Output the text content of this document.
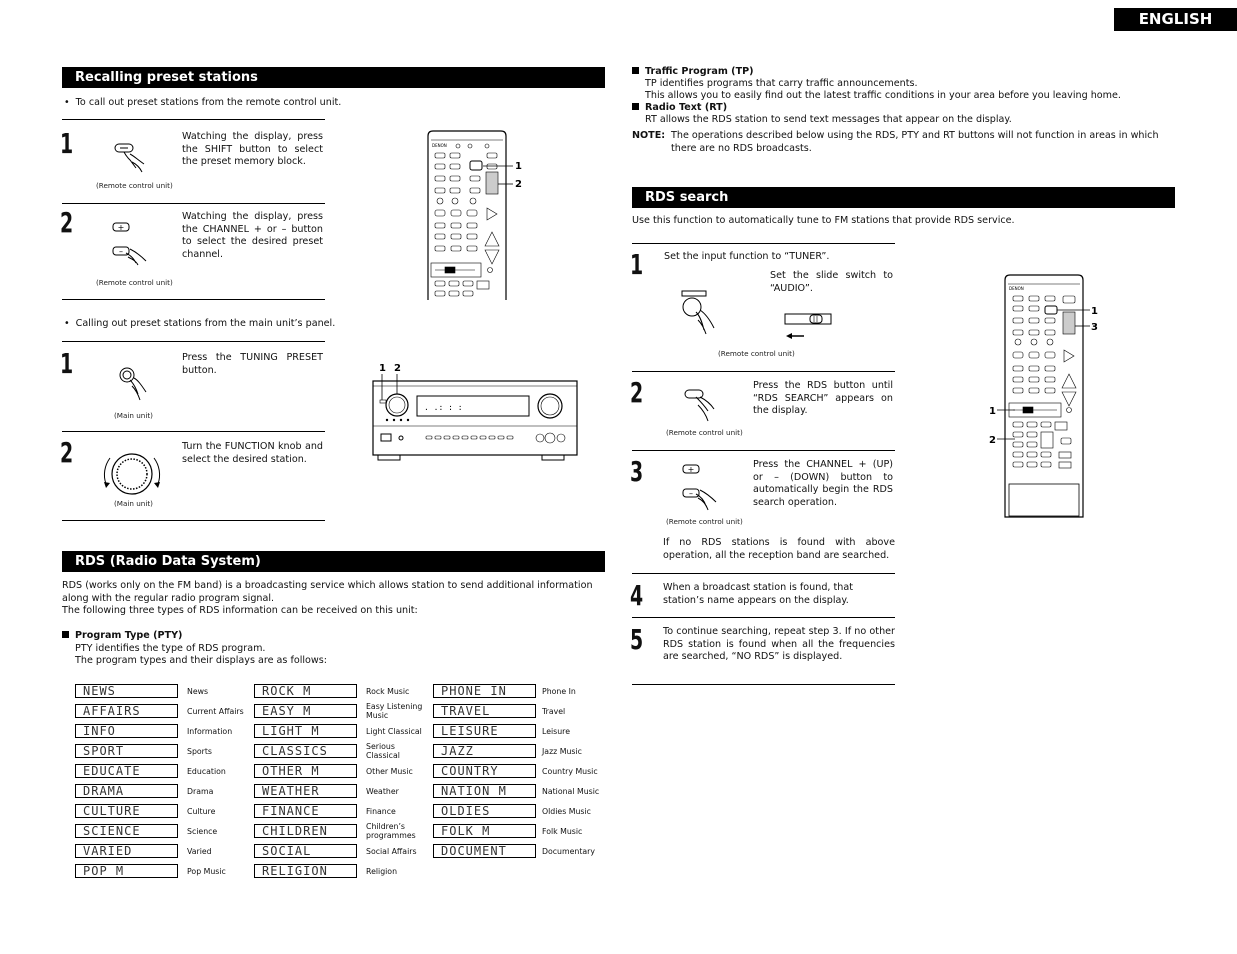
ENGLISH
Recalling preset stations
• To call out preset stations from the remote control unit.
1
(Remote control unit)
Watching the display, press the SHIFT button to select the preset memory block.
2	+
–
(Remote control unit)
Watching the display, press the CHANNEL + or – button to select the desired preset channel.
DENON
1
2
• Calling out preset stations from the main unit’s panel.
1
(Main unit)
Press the TUNING PRESET button.
2
(Main unit)
Turn the FUNCTION knob and select the desired station.
1 2
. .: : :
RDS (Radio Data System)
RDS (works only on the FM band) is a broadcasting service which allows station to send additional information along with the regular radio program signal.
The following three types of RDS information can be received on this unit:
Program Type (PTY)
PTY identifies the type of RDS program.
The program types and their displays are as follows:
NEWS	News
AFFAIRS	Current Affairs
INFO	Information
SPORT	Sports
EDUCATE	Education
DRAMA	Drama
CULTURE	Culture
SCIENCE	Science
VARIED	Varied
POP M	Pop Music
ROCK M	Rock Music
EASY M	Easy Listening Music
LIGHT M	Light Classical
CLASSICS	Serious Classical
OTHER M	Other Music
WEATHER	Weather
FINANCE	Finance
CHILDREN	Children’s programmes
SOCIAL	Social Affairs
RELIGION	Religion
PHONE IN	Phone In
TRAVEL	Travel
LEISURE	Leisure
JAZZ	Jazz Music
COUNTRY	Country Music
NATION M	National Music
OLDIES	Oldies Music
FOLK M	Folk Music
DOCUMENT	Documentary
Traffic Program (TP)
TP identifies programs that carry traffic announcements.
This allows you to easily find out the latest traffic conditions in your area before you leaving home.
Radio Text (RT)
RT allows the RDS station to send text messages that appear on the display.
NOTE: The operations described below using the RDS, PTY and RT buttons will not function in areas in which there are no RDS broadcasts.
RDS search
Use this function to automatically tune to FM stations that provide RDS service.
1 Set the input function to “TUNER”.
Set the slide switch to “AUDIO”.
(Remote control unit)
2
(Remote control unit)
Press the RDS button until “RDS SEARCH” appears on the display.
3	+
–
(Remote control unit)
Press the CHANNEL + (UP) or – (DOWN) button to automatically begin the RDS search operation.
If no RDS stations is found with above operation, all the reception band are searched.
4 When a broadcast station is found, that station’s name appears on the display.
5 To continue searching, repeat step 3. If no other RDS station is found when all the frequencies are searched, “NO RDS” is displayed.
DENON
1
3
1
2
